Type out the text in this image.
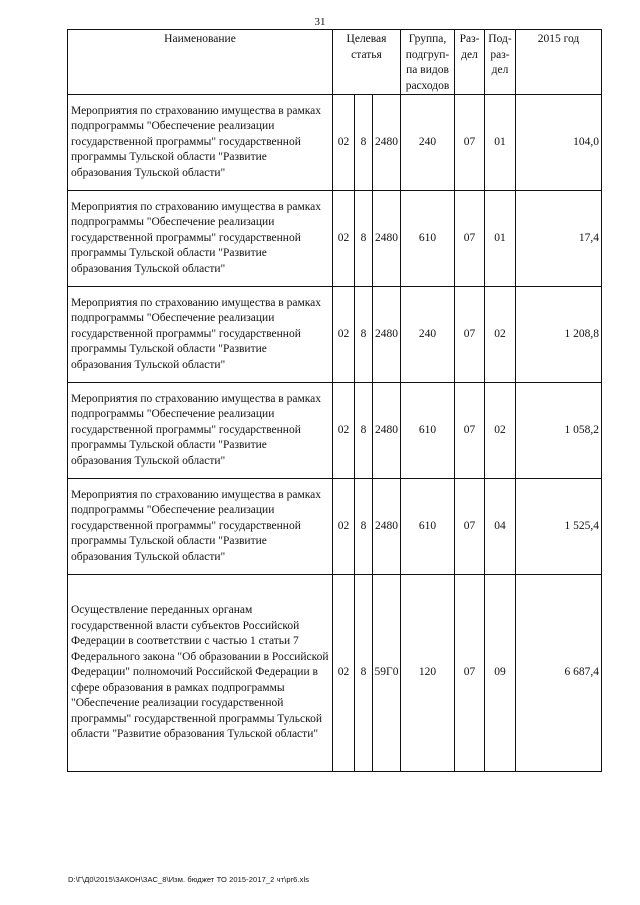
31
Наименование	Целевая статья			Группа, подгруп-па видов расходов	Раз-дел	Под-раз-дел	2015 год
Мероприятия по страхованию имущества в рамках подпрограммы "Обеспечение реализации государственной программы" государственной программы Тульской области "Развитие образования Тульской области"	02	8	2480	240	07	01	104,0
Мероприятия по страхованию имущества в рамках подпрограммы "Обеспечение реализации государственной программы" государственной программы Тульской области "Развитие образования Тульской области"	02	8	2480	610	07	01	17,4
Мероприятия по страхованию имущества в рамках подпрограммы "Обеспечение реализации государственной программы" государственной программы Тульской области "Развитие образования Тульской области"	02	8	2480	240	07	02	1 208,8
Мероприятия по страхованию имущества в рамках подпрограммы "Обеспечение реализации государственной программы" государственной программы Тульской области "Развитие образования Тульской области"	02	8	2480	610	07	02	1 058,2
Мероприятия по страхованию имущества в рамках подпрограммы "Обеспечение реализации государственной программы" государственной программы Тульской области "Развитие образования Тульской области"	02	8	2480	610	07	04	1 525,4
Осуществление переданных органам государственной власти субъектов Российской Федерации в соответствии с частью 1 статьи 7 Федерального закона "Об образовании в Российской Федерации" полномочий Российской Федерации в сфере образования в рамках подпрограммы "Обеспечение реализации государственной программы" государственной программы Тульской области "Развитие образования Тульской области"	02	8	59Г0	120	07	09	6 687,4
D:\Г\Д0\2015\ЗАКОН\ЗАС_8\Изм. бюджет ТО 2015-2017_2 чт\pr6.xls
